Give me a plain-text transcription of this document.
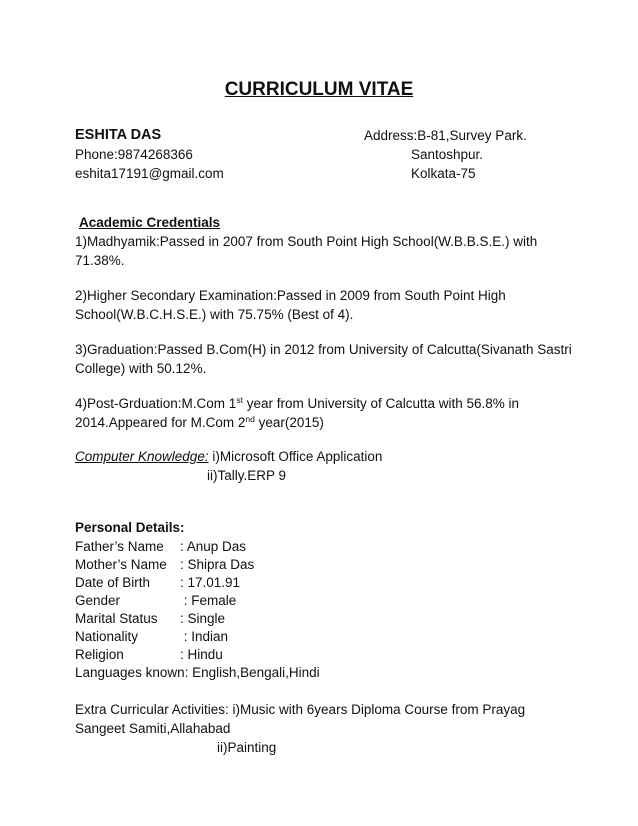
CURRICULUM VITAE
ESHITA DAS
Phone:9874268366
eshita17191@gmail.com
Address:B-81,Survey Park.
Santoshpur.
Kolkata-75
Academic Credentials
1)Madhyamik:Passed in 2007 from South Point High School(W.B.B.S.E.) with
71.38%.
2)Higher Secondary Examination:Passed in 2009 from South Point High
School(W.B.C.H.S.E.) with 75.75% (Best of 4).
3)Graduation:Passed B.Com(H) in 2012 from University of Calcutta(Sivanath Sastri
College) with 50.12%.
4)Post-Grduation:M.Com 1st year from University of Calcutta with 56.8% in
2014.Appeared for M.Com 2nd year(2015)
Computer Knowledge: i)Microsoft Office Application
ii)Tally.ERP 9
Personal Details:
Father’s Name : Anup Das
Mother’s Name : Shipra Das
Date of Birth : 17.01.91
Gender	: Female
Marital Status : Single
Nationality	: Indian
Religion	: Hindu
Languages known: English,Bengali,Hindi
Extra Curricular Activities: i)Music with 6years Diploma Course from Prayag
Sangeet Samiti,Allahabad
ii)Painting
